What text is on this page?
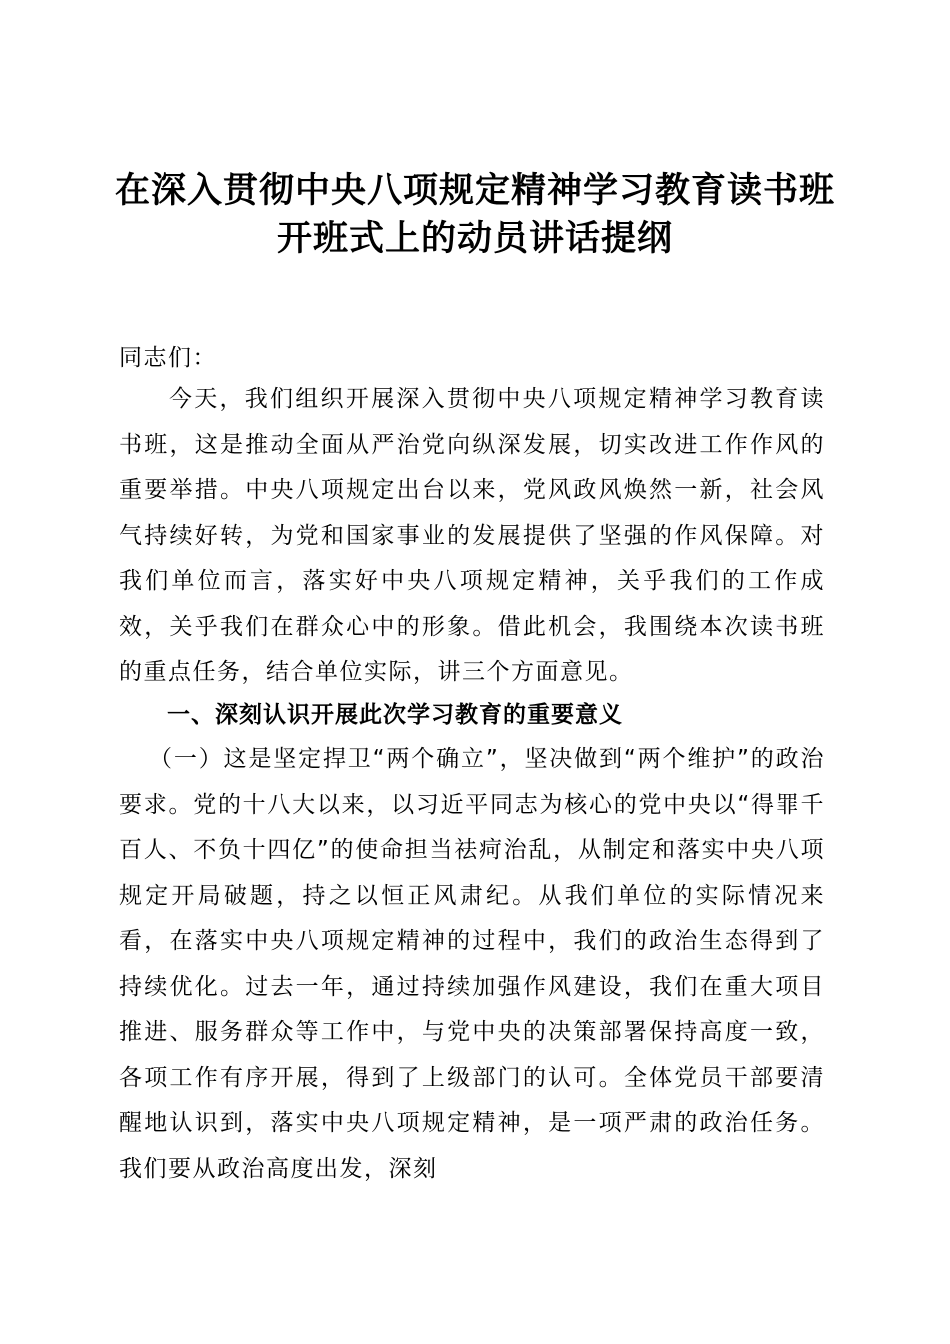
在深入贯彻中央八项规定精神学习教育读书班
开班式上的动员讲话提纲

同志们：

今天，我们组织开展深入贯彻中央八项规定精神学习教育读书班，这是推动全面从严治党向纵深发展，切实改进工作作风的重要举措。中央八项规定出台以来，党风政风焕然一新，社会风气持续好转，为党和国家事业的发展提供了坚强的作风保障。对我们单位而言，落实好中央八项规定精神，关乎我们的工作成效，关乎我们在群众心中的形象。借此机会，我围绕本次读书班的重点任务，结合单位实际，讲三个方面意见。

一、深刻认识开展此次学习教育的重要意义

（一）这是坚定捍卫“两个确立”，坚决做到“两个维护”的政治要求。党的十八大以来，以习近平同志为核心的党中央以“得罪千百人、不负十四亿”的使命担当祛疴治乱，从制定和落实中央八项规定开局破题，持之以恒正风肃纪。从我们单位的实际情况来看，在落实中央八项规定精神的过程中，我们的政治生态得到了持续优化。过去一年，通过持续加强作风建设，我们在重大项目推进、服务群众等工作中，与党中央的决策部署保持高度一致，各项工作有序开展，得到了上级部门的认可。全体党员干部要清醒地认识到，落实中央八项规定精神，是一项严肃的政治任务。我们要从政治高度出发，深刻
